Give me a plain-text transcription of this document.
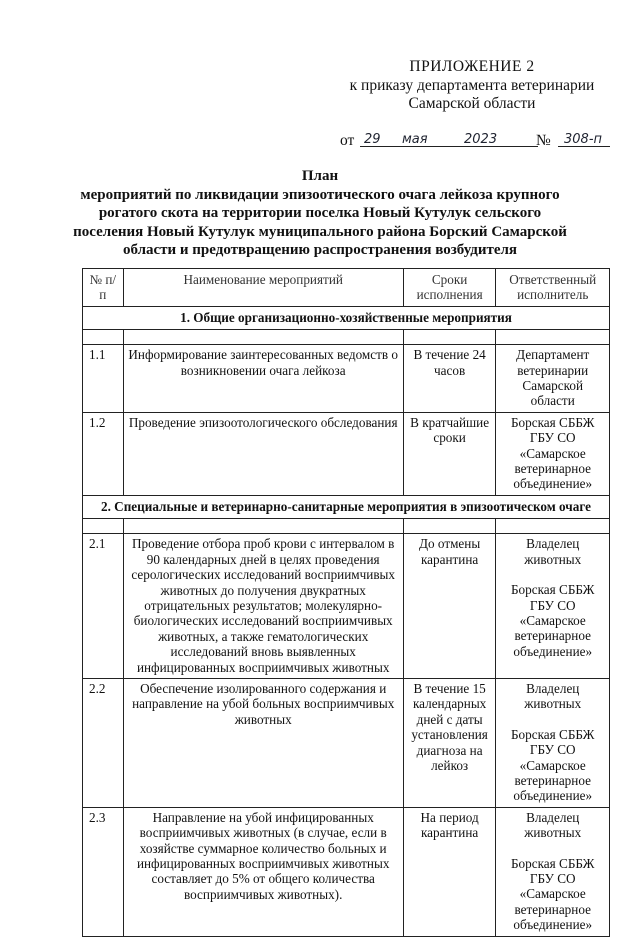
ПРИЛОЖЕНИЕ 2
к приказу департамента ветеринарии
Самарской области
от 29 мая	2023	№ 308-п
План
мероприятий по ликвидации эпизоотического очага лейкоза крупного
рогатого скота на территории поселка Новый Кутулук сельского
поселения Новый Кутулук муниципального района Борский Самарской
области и предотвращению распространения возбудителя
№ п/п	Наименование мероприятий	Сроки исполнения	Ответственный исполнитель
1. Общие организационно-хозяйственные мероприятия			

1.1	Информирование заинтересованных ведомств о возникновении очага лейкоза	В течение 24 часов	Департамент ветеринарии Самарской области

1.2	Проведение эпизоотологического обследования	В кратчайшие сроки	Борская СББЖ ГБУ СО «Самарское ветеринарное объединение»

2. Специальные и ветеринарно-санитарные мероприятия в эпизоотическом очаге			

2.1	Проведение отбора проб крови с интервалом в 90 календарных дней в целях проведения серологических исследований восприимчивых животных до получения двукратных отрицательных результатов; молекулярно-биологических исследований восприимчивых животных, а также гематологических исследований вновь выявленных инфицированных восприимчивых животных	До отмены карантина	Владелец животных
Борская СББЖ ГБУ СО «Самарское ветеринарное объединение»

2.2	Обеспечение изолированного содержания и направление на убой больных восприимчивых животных	В течение 15 календарных дней с даты установления диагноза на лейкоз	Владелец животных
Борская СББЖ ГБУ СО «Самарское ветеринарное объединение»

2.3	Направление на убой инфицированных восприимчивых животных (в случае, если в хозяйстве суммарное количество больных и инфицированных восприимчивых животных составляет до 5% от общего количества восприимчивых животных).	На период карантина	Владелец животных
Борская СББЖ ГБУ СО «Самарское ветеринарное объединение»
